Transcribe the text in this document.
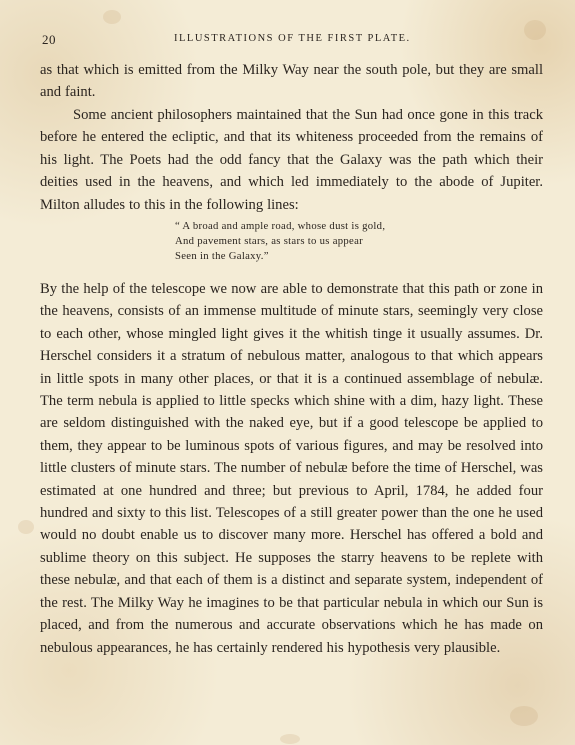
20	ILLUSTRATIONS OF THE FIRST PLATE.

as that which is emitted from the Milky Way near the south pole, but they are small and faint.

Some ancient philosophers maintained that the Sun had once gone in this track before he entered the ecliptic, and that its whiteness proceeded from the remains of his light. The Poets had the odd fancy that the Galaxy was the path which their deities used in the heavens, and which led immediately to the abode of Jupiter. Milton alludes to this in the following lines:

“ A broad and ample road, whose dust is gold,
And pavement stars, as stars to us appear
Seen in the Galaxy.”

By the help of the telescope we now are able to demonstrate that this path or zone in the heavens, consists of an immense multitude of minute stars, seemingly very close to each other, whose mingled light gives it the whitish tinge it usually assumes. Dr. Herschel considers it a stratum of nebulous matter, analogous to that which appears in little spots in many other places, or that it is a continued assemblage of nebulæ. The term nebula is applied to little specks which shine with a dim, hazy light. These are seldom distinguished with the naked eye, but if a good telescope be applied to them, they appear to be luminous spots of various figures, and may be resolved into little clusters of minute stars. The number of nebulæ before the time of Herschel, was estimated at one hundred and three; but previous to April, 1784, he added four hundred and sixty to this list. Telescopes of a still greater power than the one he used would no doubt enable us to discover many more. Herschel has offered a bold and sublime theory on this subject. He supposes the starry heavens to be replete with these nebulæ, and that each of them is a distinct and separate system, independent of the rest. The Milky Way he imagines to be that particular nebula in which our Sun is placed, and from the numerous and accurate observations which he has made on nebulous appearances, he has certainly rendered his hypothesis very plausible.
